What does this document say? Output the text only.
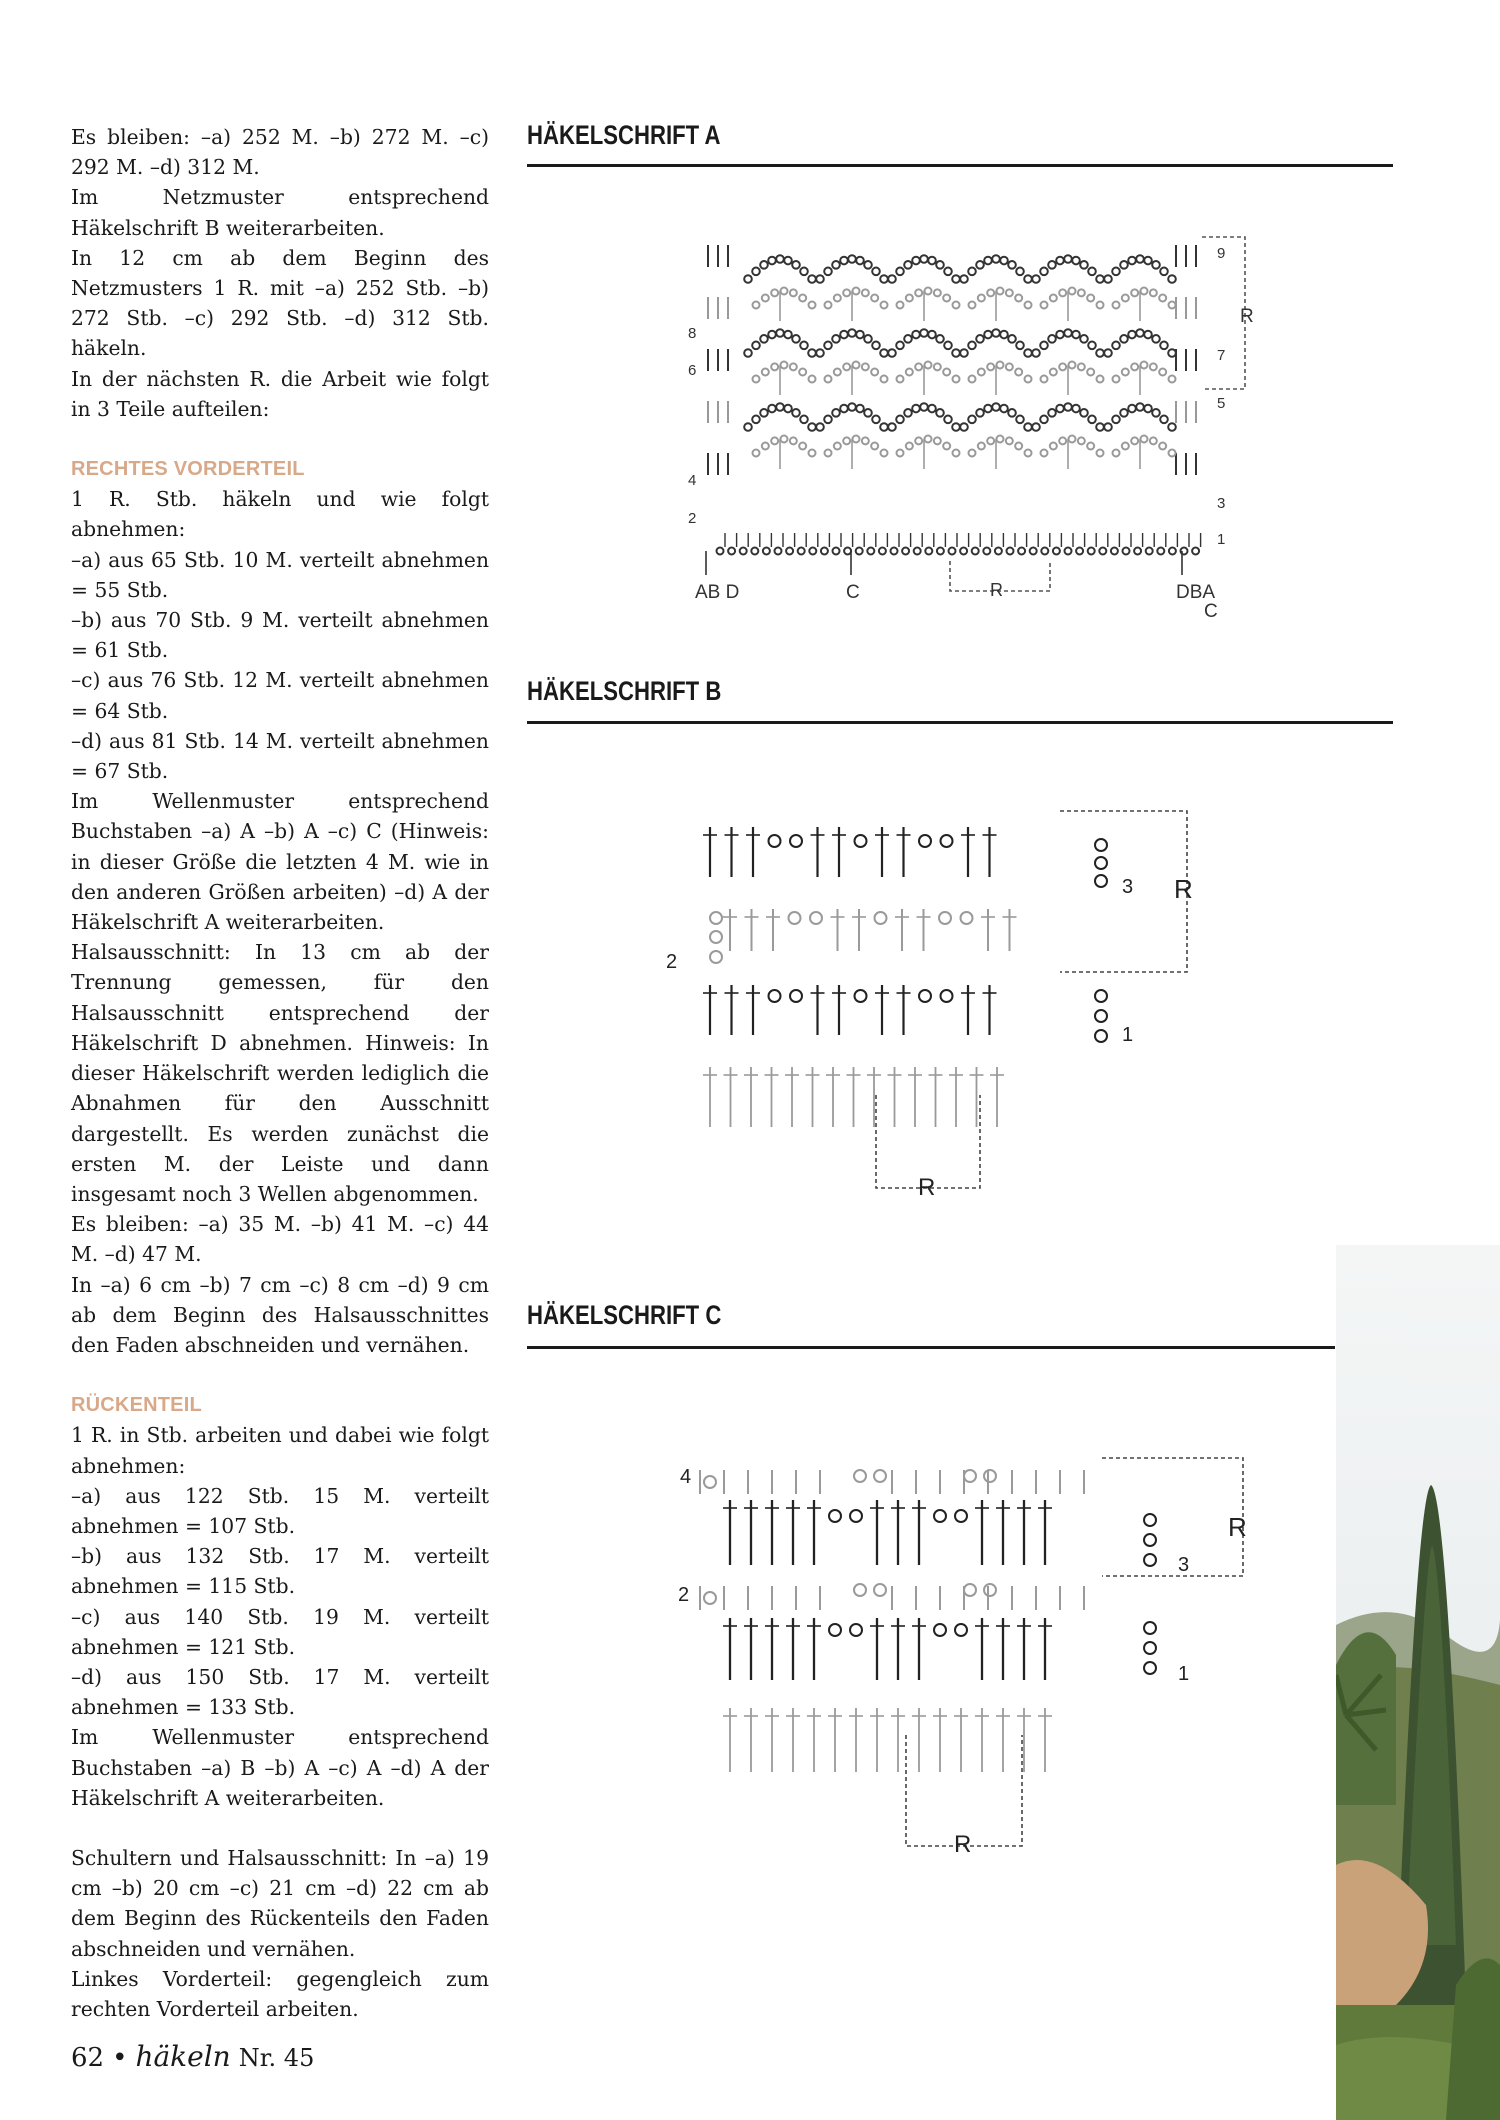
Es bleiben: –a) 252 M. –b) 272 M. –c) 292 M. –d) 312 M.

Im Netzmuster entsprechend Häkelschrift B weiterarbeiten.

In 12 cm ab dem Beginn des Netzmusters 1 R. mit –a) 252 Stb. –b) 272 Stb. –c) 292 Stb. –d) 312 Stb. häkeln.

In der nächsten R. die Arbeit wie folgt in 3 Teile aufteilen:

RECHTES VORDERTEIL

1 R. Stb. häkeln und wie folgt abnehmen:

–a) aus 65 Stb. 10 M. verteilt abnehmen = 55 Stb.

–b) aus 70 Stb. 9 M. verteilt abnehmen = 61 Stb.

–c) aus 76 Stb. 12 M. verteilt abnehmen = 64 Stb.

–d) aus 81 Stb. 14 M. verteilt abnehmen = 67 Stb.

Im Wellenmuster entsprechend Buchstaben –a) A –b) A –c) C (Hinweis: in dieser Größe die letzten 4 M. wie in den anderen Größen arbeiten) –d) A der Häkelschrift A weiterarbeiten.

Halsausschnitt: In 13 cm ab der Trennung gemessen, für den Halsausschnitt entsprechend der Häkelschrift D abnehmen. Hinweis: In dieser Häkelschrift werden lediglich die Abnahmen für den Ausschnitt dargestellt. Es werden zunächst die ersten M. der Leiste und dann insgesamt noch 3 Wellen abgenommen.

Es bleiben: –a) 35 M. –b) 41 M. –c) 44 M. –d) 47 M.

In –a) 6 cm –b) 7 cm –c) 8 cm –d) 9 cm ab dem Beginn des Halsausschnittes den Faden abschneiden und vernähen.

RÜCKENTEIL

1 R. in Stb. arbeiten und dabei wie folgt abnehmen:

–a) aus 122 Stb. 15 M. verteilt abnehmen = 107 Stb.

–b) aus 132 Stb. 17 M. verteilt abnehmen = 115 Stb.

–c) aus 140 Stb. 19 M. verteilt abnehmen = 121 Stb.

–d) aus 150 Stb. 17 M. verteilt abnehmen = 133 Stb.

Im Wellenmuster entsprechend Buchstaben –a) B –b) A –c) A –d) A der Häkelschrift A weiterarbeiten.

Schultern und Halsausschnitt: In –a) 19 cm –b) 20 cm –c) 21 cm –d) 22 cm ab dem Beginn des Rückenteils den Faden abschneiden und vernähen.

Linkes Vorderteil: gegengleich zum rechten Vorderteil arbeiten.

HÄKELSCHRIFT A
R
R
8
6
4
2
9
7
5
3
1
AB D	C	DBA
C
HÄKELSCHRIFT B
R
R
3
2
1
HÄKELSCHRIFT C
R
R
4
3
2
1
62 • häkeln Nr. 45
